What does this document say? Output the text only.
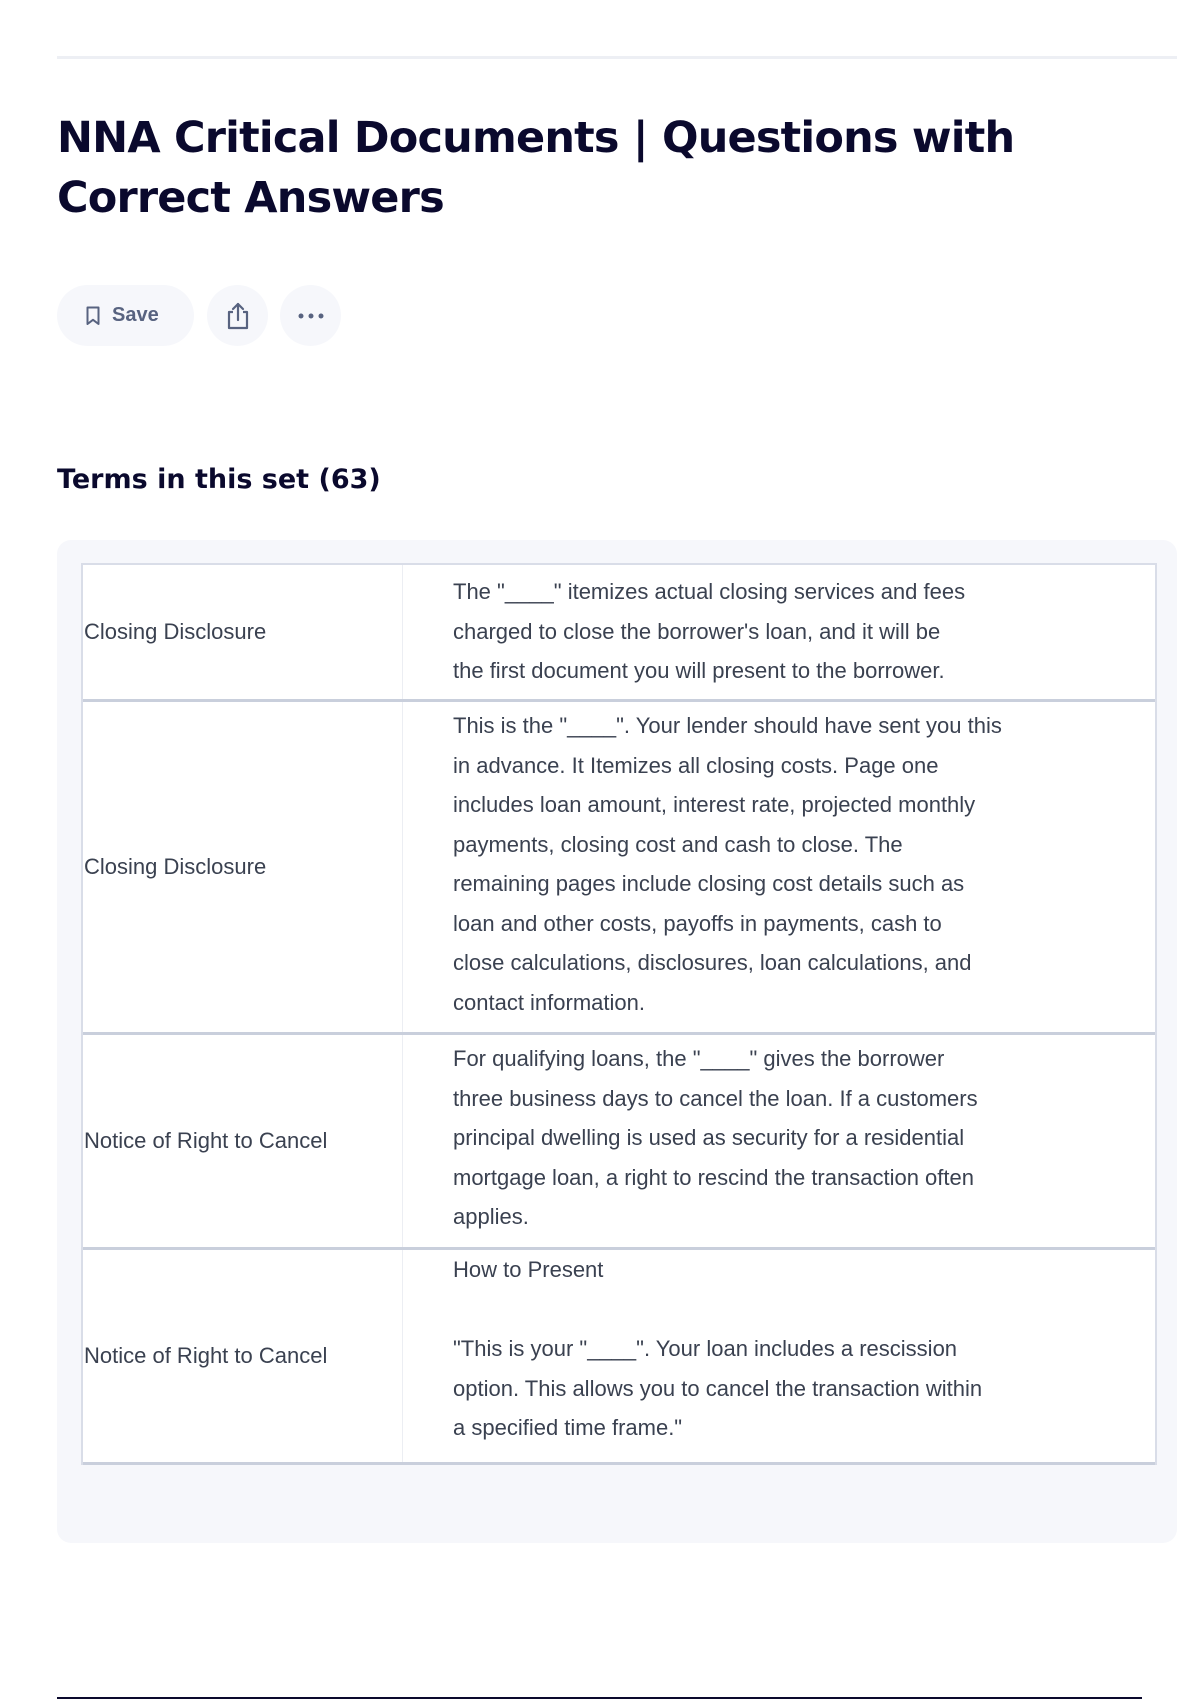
NNA Critical Documents | Questions with Correct Answers
Save
Terms in this set (63)
Closing Disclosure
The "____" itemizes actual closing services and fees
charged to close the borrower's loan, and it will be
the first document you will present to the borrower.
Closing Disclosure
This is the "____". Your lender should have sent you this
in advance. It Itemizes all closing costs. Page one
includes loan amount, interest rate, projected monthly
payments, closing cost and cash to close. The
remaining pages include closing cost details such as
loan and other costs, payoffs in payments, cash to
close calculations, disclosures, loan calculations, and
contact information.
Notice of Right to Cancel
For qualifying loans, the "____" gives the borrower
three business days to cancel the loan. If a customers
principal dwelling is used as security for a residential
mortgage loan, a right to rescind the transaction often
applies.
Notice of Right to Cancel
How to Present

"This is your "____". Your loan includes a rescission
option. This allows you to cancel the transaction within
a specified time frame."
